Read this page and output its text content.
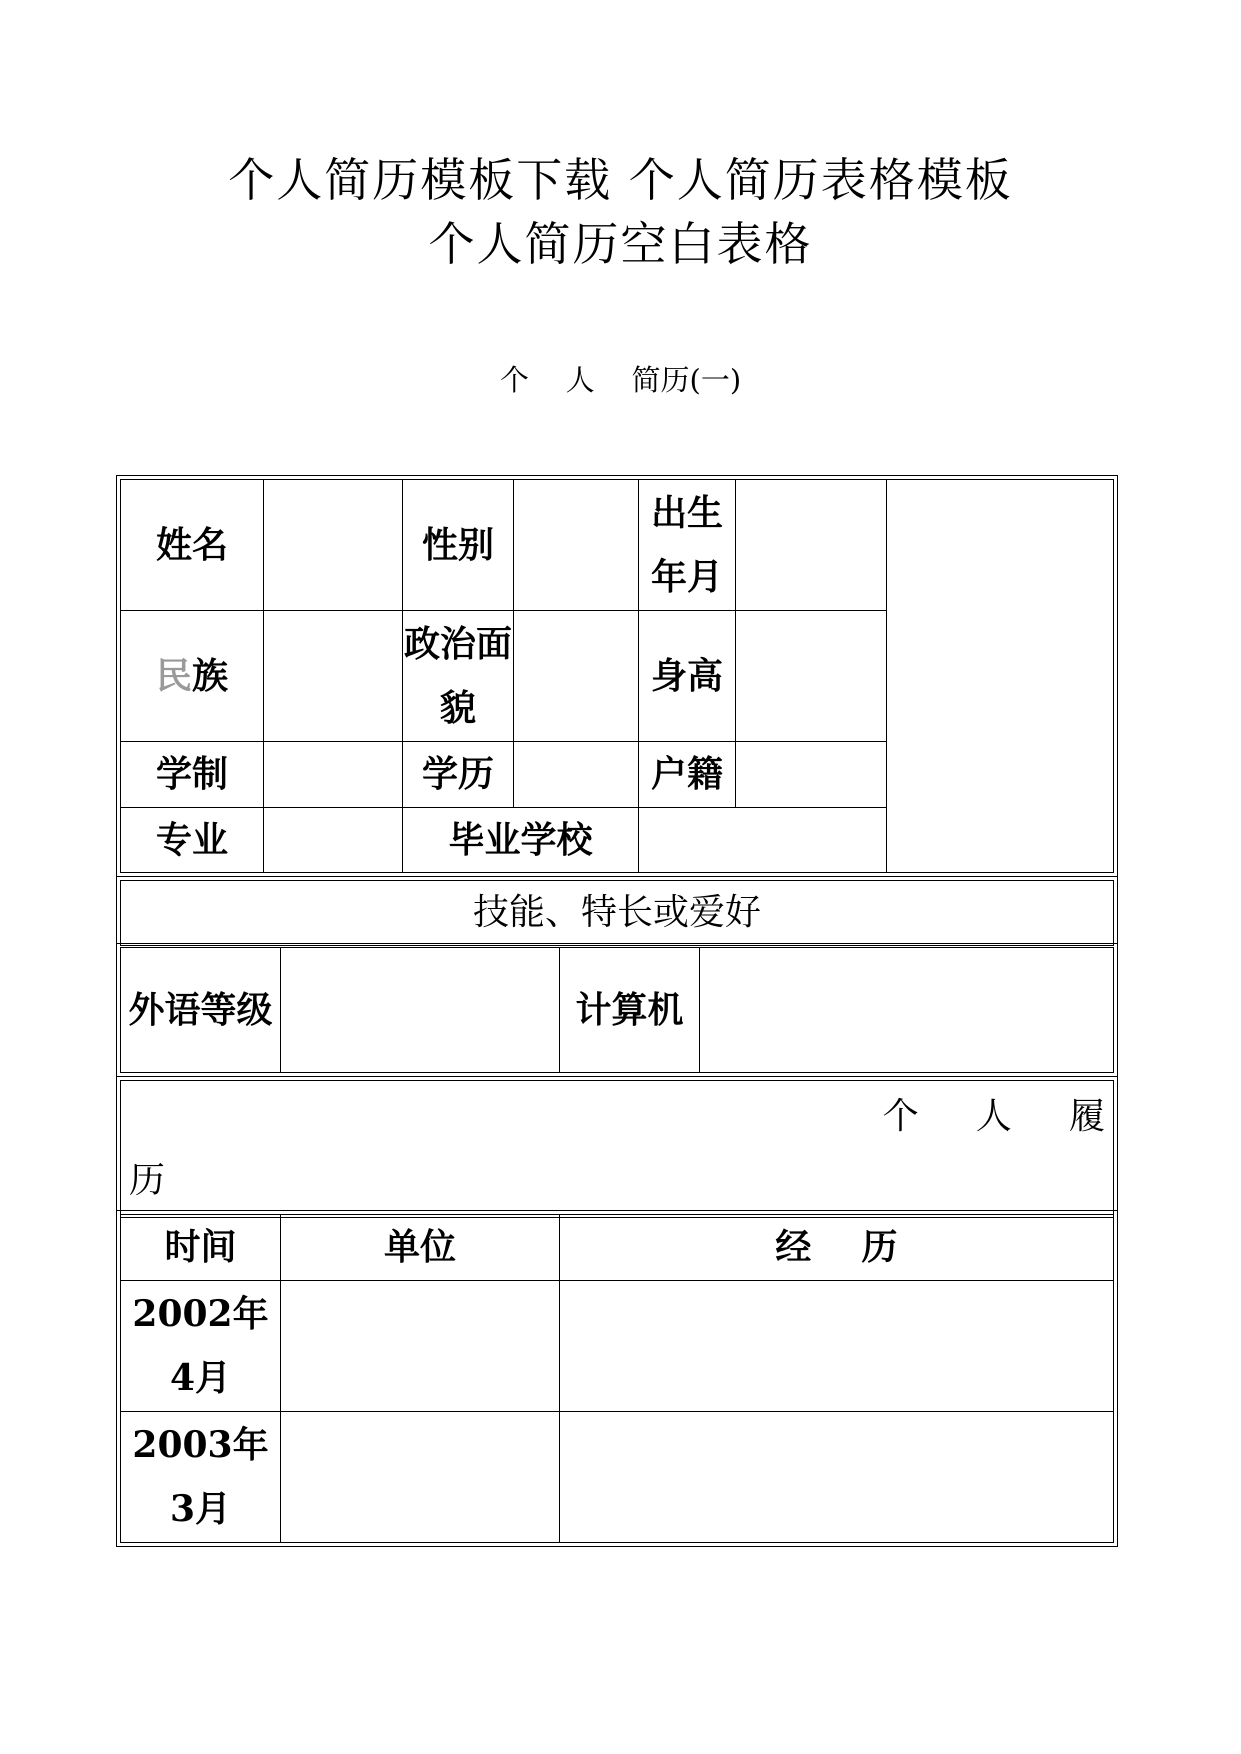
个人简历模板下载 个人简历表格模板
个人简历空白表格
个    人    简历(一)
姓名		性别		出生年月		
民族		政治面貌		身高		
学制		学历		户籍		
专业		毕业学校				
技能、特长或爱好
外语等级		计算机	
个     人     履
历
时间	单位	经    历
2002年4月		
2003年3月		
